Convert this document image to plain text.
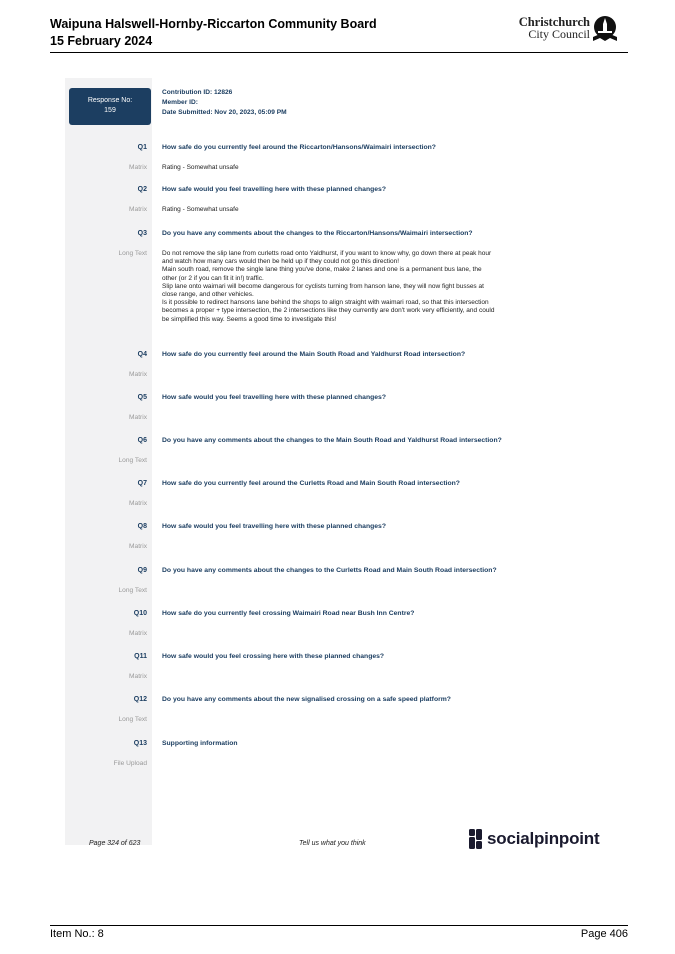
Waipuna Halswell-Hornby-Riccarton Community Board
15 February 2024
Christchurch
City Council
Response No:
159
Contribution ID: 12826
Member ID:
Date Submitted: Nov 20, 2023, 05:09 PM
Q1 How safe do you currently feel around the Riccarton/Hansons/Waimairi intersection?
Matrix Rating - Somewhat unsafe
Q2 How safe would you feel travelling here with these planned changes?
Matrix Rating - Somewhat unsafe
Q3 Do you have any comments about the changes to the Riccarton/Hansons/Waimairi intersection?
Long Text Do not remove the slip lane from curletts road onto Yaldhurst, if you want to know why, go down there at peak hour
and watch how many cars would then be held up if they could not go this direction!
Main south road, remove the single lane thing you've done, make 2 lanes and one is a permanent bus lane, the
other (or 2 if you can fit it in!) traffic.
Slip lane onto waimari will become dangerous for cyclists turning from hanson lane, they will now fight busses at
close range, and other vehicles.
Is it possible to redirect hansons lane behind the shops to align straight with waimari road, so that this intersection
becomes a proper + type intersection, the 2 intersections like they currently are don't work very efficiently, and could
be simplified this way. Seems a good time to investigate this!
Q4 How safe do you currently feel around the Main South Road and Yaldhurst Road intersection?
Matrix
Q5 How safe would you feel travelling here with these planned changes?
Matrix
Q6 Do you have any comments about the changes to the Main South Road and Yaldhurst Road intersection?
Long Text
Q7 How safe do you currently feel around the Curletts Road and Main South Road intersection?
Matrix
Q8 How safe would you feel travelling here with these planned changes?
Matrix
Q9 Do you have any comments about the changes to the Curletts Road and Main South Road intersection?
Long Text
Q10 How safe do you currently feel crossing Waimairi Road near Bush Inn Centre?
Matrix
Q11 How safe would you feel crossing here with these planned changes?
Matrix
Q12 Do you have any comments about the new signalised crossing on a safe speed platform?
Long Text
Q13 Supporting information
File Upload
Page 324 of 623	Tell us what you think	socialpinpoint
Item No.: 8	Page 406
